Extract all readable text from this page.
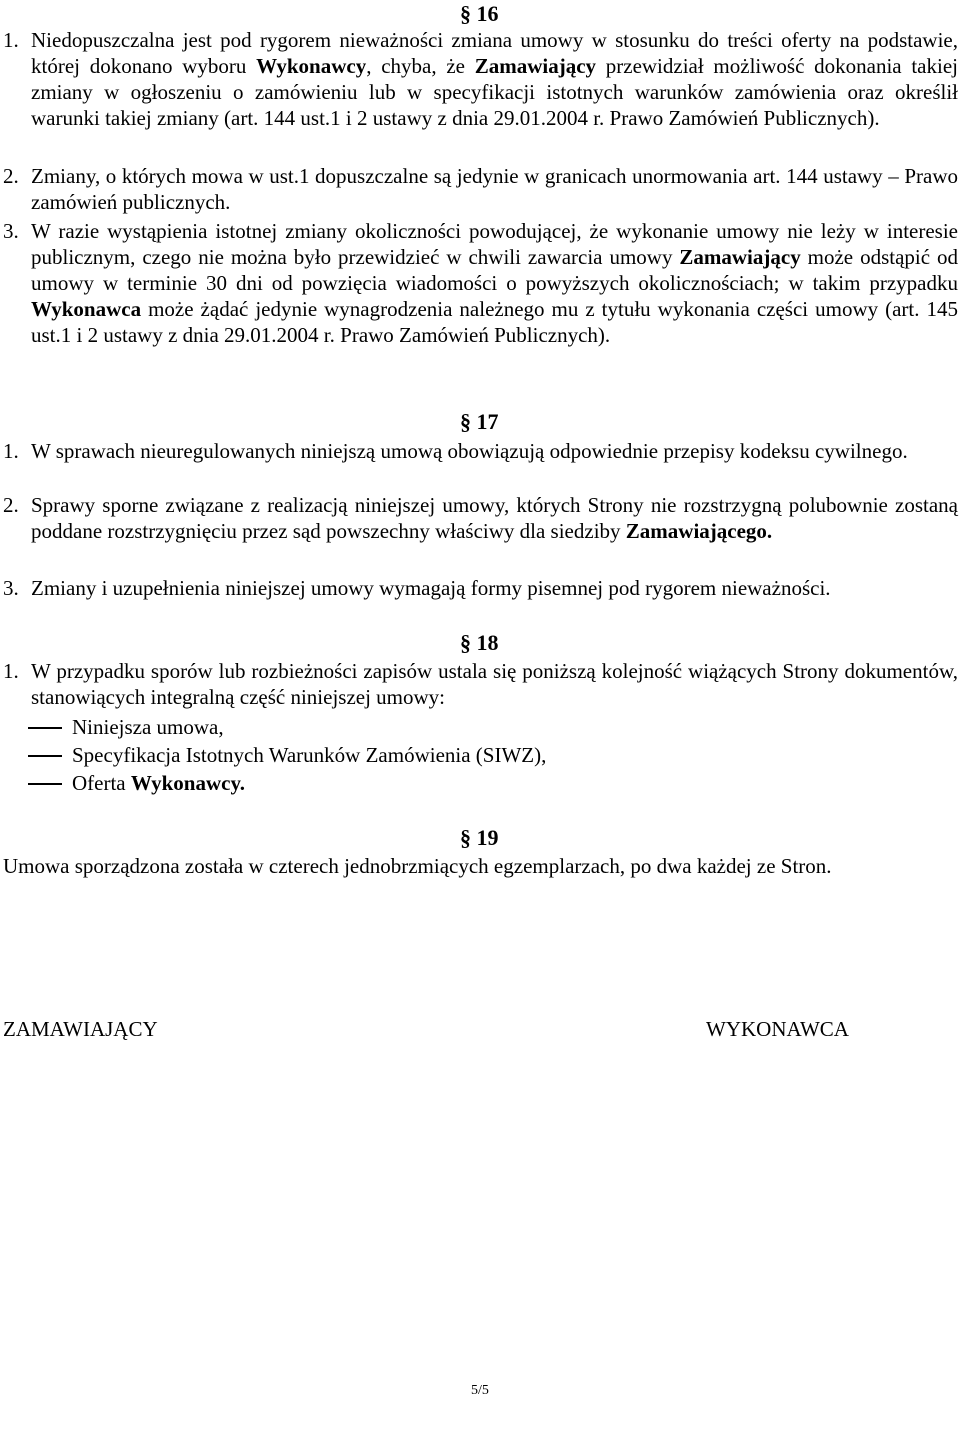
§ 16
1. Niedopuszczalna jest pod rygorem nieważności zmiana umowy w stosunku do treści oferty na podstawie, której dokonano wyboru Wykonawcy, chyba, że Zamawiający przewidział możliwość dokonania takiej zmiany w ogłoszeniu o zamówieniu lub w specyfikacji istotnych warunków zamówienia oraz określił warunki takiej zmiany (art. 144 ust.1 i 2 ustawy z dnia 29.01.2004 r. Prawo Zamówień Publicznych).
2. Zmiany, o których mowa w ust.1 dopuszczalne są jedynie w granicach unormowania art. 144 ustawy – Prawo zamówień publicznych.
3. W razie wystąpienia istotnej zmiany okoliczności powodującej, że wykonanie umowy nie leży w interesie publicznym, czego nie można było przewidzieć w chwili zawarcia umowy Zamawiający może odstąpić od umowy w terminie 30 dni od powzięcia wiadomości o powyższych okolicznościach; w takim przypadku Wykonawca może żądać jedynie wynagrodzenia należnego mu z tytułu wykonania części umowy (art. 145 ust.1 i 2 ustawy z dnia 29.01.2004 r. Prawo Zamówień Publicznych).
§ 17
1. W sprawach nieuregulowanych niniejszą umową obowiązują odpowiednie przepisy kodeksu cywilnego.
2. Sprawy sporne związane z realizacją niniejszej umowy, których Strony nie rozstrzygną polubownie zostaną poddane rozstrzygnięciu przez sąd powszechny właściwy dla siedziby Zamawiającego.
3. Zmiany i uzupełnienia niniejszej umowy wymagają formy pisemnej pod rygorem nieważności.
§ 18
1. W przypadku sporów lub rozbieżności zapisów ustala się poniższą kolejność wiążących Strony dokumentów, stanowiących integralną część niniejszej umowy:
Niniejsza umowa,
Specyfikacja Istotnych Warunków Zamówienia (SIWZ),
Oferta Wykonawcy.
§ 19
Umowa sporządzona została w czterech jednobrzmiących egzemplarzach, po dwa każdej ze Stron.
ZAMAWIAJĄCY	WYKONAWCA
5/5
